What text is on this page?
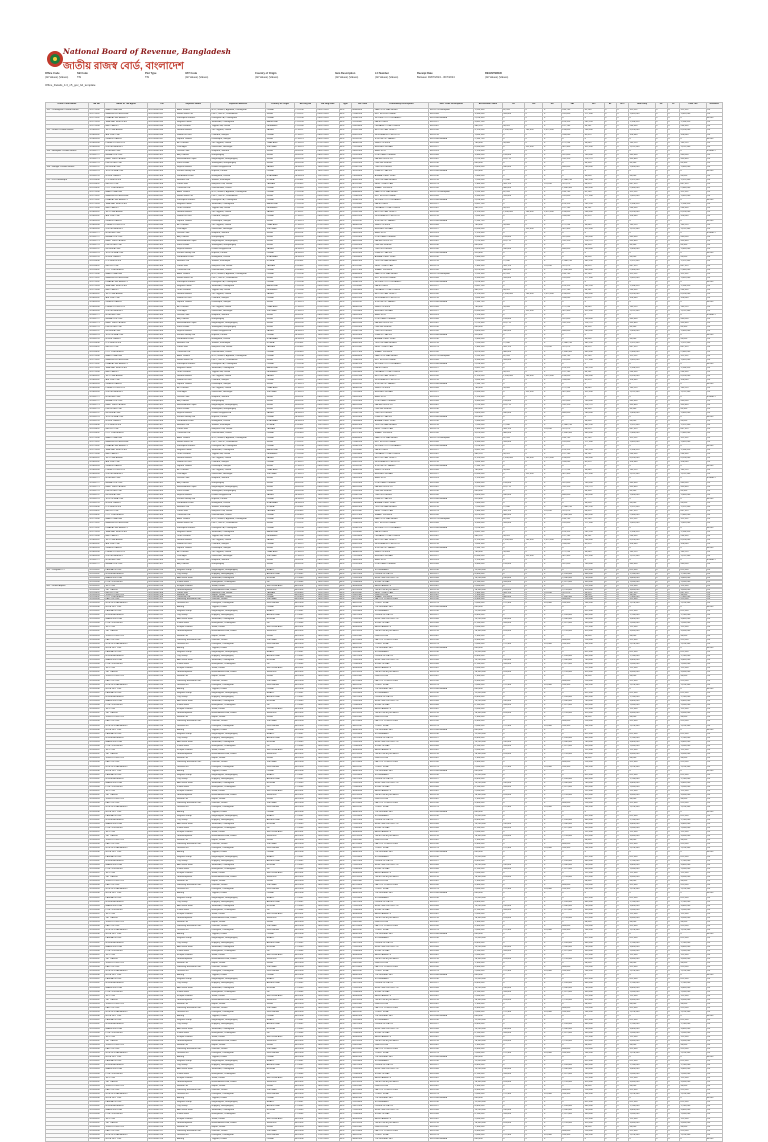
National Board of Revenue, Bangladesh
জাতীয় রাজস্ব বোর্ড, বাংলাদেশ
Office Code
(All Values) (Values)
SB Code
TIN
Plot Type
TIN
VAT Code
(All Values) (Values)
Country of Origin
(All Values) (Values)
Item Description
(All Values) (Values)
LC Number
(All Values) (Values)
Receipt Date
Between 03/07/2024 - 30/7/2024
REGISTERED
(All Values) (Values)
Office_Details_4.3_n5_gov_bd_template
Office Code-Name	SB No	Name of TIN Agent	TIN	Importer Name	Importer Address	Country of Origin	BE Reg No	BE Reg Date	Type	HS Code	Commodity Description	SRO Code Description	Assessable Value	CD	RD	SD	VAT	AIT	AT	ATV	Total Duty	DF	VF	Total Tax	Remarks
101 - Chattogram Custom House	2017/1500	BANU TRADING	001234567890	Alam Traders	H-12, Road 4, Agrabad, Chattogram	CHINA	C-41256	03/07/2024	IM 4	84869000	PARTS OF MACHINES	SRO-123 Exemption	1,245,300	62,265	0	0	186,795	62,265	0	0	311,325	0	0	311,325	OK
	2017/1501	NASRIN ENTERPRISE	001234567891	Rahim Steel Ltd	Plot 7, BSCIC, Fouzdarhat	INDIA	C-41257	03/07/2024	IM 4	72085100	HOT ROLLED SHEET	SRO-045	3,540,000	354,000	0	0	531,000	177,000	0	0	1,062,000	0	0	1,062,000	OK
	2017/1502	DHAKA LINK AGENCY	001234567892	Karnaphuli Fabrics	Kalurghat I/A, Chattogram	CHINA	C-41258	04/07/2024	IM 4	52081200	WOVEN COTTON FABRIC	SRO-098 Bonded	2,018,450	0	0	0	0	0	0	0	0	0	0	0	BOND
	2017/1503	SEA WAY SERVICES	001234567893	Meghna Foods	Sitakunda, Chattogram	MALAYSIA	C-41259	04/07/2024	IM 4	15119000	PALM OLEIN	SRO-112	5,842,100	0	0	0	876,315	292,105	0	0	1,168,420	0	0	1,168,420	OK
	2017/1504	BAY CARGO	001234567894	Orion Pharma	Tejgaon I/A, Dhaka	GERMANY	C-41260	05/07/2024	IM 4	29420000	ORGANIC COMPOUNDS	SRO-067	985,220	49,261	0	0	147,783	49,261	0	0	246,305	0	0	246,305	OK
102 - Dhaka Custom House	2018/0301	SKY LINE AGENT	001234567895	Navana Motors	205 Tejgaon, Dhaka	JAPAN	D-10211	05/07/2024	IM 4	87032390	MOTOR CAR 1500CC	SRO-200	4,120,000	1,030,000	103,000	2,472,000	618,000	206,000	0	0	4,429,000	0	0	4,429,000	OK
	2018/0302	AIR LINK CNF	001234567896	Walton Hi-Tech	Chandra, Gazipur	CHINA	D-10212	06/07/2024	IM 4	85423100	INTEGRATED CIRCUITS	SRO-155	1,640,300	0	0	0	246,045	82,015	0	0	328,060	0	0	328,060	OK
	2018/0303	GREEN CARGO	001234567897	Square Textiles	Kashimpur, Gazipur	INDIA	D-10213	06/07/2024	IM 4	55131100	SYNTHETIC FABRIC	SRO-098 Bonded	2,330,750	0	0	0	0	0	0	0	0	0	0	0	BOND
	2018/0304	PRIME LOGISTICS	001234567898	ACI Limited	245 Tejgaon, Dhaka	THAILAND	D-10214	07/07/2024	IM 4	38089190	INSECTICIDES	SRO-045	780,900	39,045	0	0	117,135	39,045	0	0	195,225	0	0	195,225	OK
	2018/0305	UNITED AGENCY	001234567899	Pran Agro	Ghorashal, Narsingdi	VIETNAM	D-10215	07/07/2024	IM 4	17019900	REFINED SUGAR	SRO-112	6,450,000	0	322,500	0	967,500	322,500	0	0	1,612,500	0	0	1,612,500	OK
103 - Benapole Custom House	2019/0771	BORDER LINK	001234567900	Jessore Jute	Noapara, Jashore	INDIA	B-55101	08/07/2024	IM 4	53031000	RAW JUTE	SRO-023	1,120,600	0	0	0	0	0	0	0	0	0	0	0	EXEMPT
	2019/0772	BENAPOLE CNF	001234567901	Akij Cement	Narayanganj	INDIA	B-55102	08/07/2024	IM 4	25232900	PORTLAND CEMENT	SRO-045	3,980,000	199,000	0	0	597,000	199,000	0	0	995,000	0	0	995,000	OK
	2019/0773	EAST WEST AGENT	001234567902	Bashundhara Paper	Meghnaghat, Narayanganj	INDIA	B-55103	09/07/2024	IM 4	48025590	PAPER IN ROLLS	SRO-067	2,215,400	110,770	0	0	332,310	110,770	0	0	553,850	0	0	553,850	OK
	2019/0774	FRONTIER CNF	001234567903	Fresh Foods	Sonargaon, Narayanganj	INDIA	B-55104	09/07/2024	IM 4	07031000	ONIONS FRESH	SRO-010	890,000	0	0	0	0	44,500	0	0	44,500	0	0	44,500	OK
104 - Mongla Custom House	2020/0122	MONGLA LINK	001234567904	Rupsha Motors	Khulna Shipyard Rd	JAPAN	M-30011	10/07/2024	IM 4	87042190	TRUCKS DIESEL	SRO-200	5,600,000	280,000	0	0	840,000	280,000	0	0	1,400,000	0	0	1,400,000	OK
	2020/0123	SOUTH SEA CNF	001234567905	Khulna Shrimp Ltd	Rupsha, Khulna	CHINA	M-30012	10/07/2024	IM 4	39232900	PLASTIC SACKS	SRO-098 Bonded	420,800	0	0	0	0	0	0	0	0	0	0	0	BOND
	2020/0124	RIVER CARGO	001234567906	Sundarban Feed	Batiaghata, Khulna	MYANMAR	M-30013	11/07/2024	IM 4	23099000	ANIMAL FEED PREP	SRO-010	1,980,000	0	0	0	0	99,000	0	0	99,000	0	0	99,000	OK
201 - ICD Kamalapur	2021/0440	ICD SERVICES	001234567907	Beximco Ltd	Sarabo, Kashimpur	KOREA	K-20441	11/07/2024	IM 4	84451900	TEXTILE MACHINERY	SRO-155	7,245,000	72,450	0	0	1,086,750	362,250	0	0	1,521,450	0	0	1,521,450	OK
	2021/0441	METRO CNF	001234567908	Partex Star	Motijheel C/A, Dhaka	TAIWAN	K-20442	12/07/2024	IM 4	40111000	NEW TYRES CAR	SRO-123	1,380,500	345,125	0	276,100	207,075	69,025	0	0	897,325	0	0	897,325	OK
	2021/0442	CITY LINK AGENT	001234567909	Transcom Ltd	Gulshan Ave, Dhaka	CHINA	K-20443	12/07/2024	IM 4	85171300	SMART PHONES	SRO-200	9,870,000	986,000	0	0	1,480,500	493,500	0	0	2,960,000	0	0	2,960,000	OK
	2017/1500	BANU TRADING	001234567890	Alam Traders	H-12, Road 4, Agrabad, Chattogram	CHINA	C-41256	03/07/2024	IM 4	84869000	PARTS OF MACHINES	SRO-123 Exemption	1,245,300	62,265	0	0	186,795	62,265	0	0	311,325	0	0	311,325	OK
	2017/1501	NASRIN ENTERPRISE	001234567891	Rahim Steel Ltd	Plot 7, BSCIC, Fouzdarhat	INDIA	C-41257	03/07/2024	IM 4	72085100	HOT ROLLED SHEET	SRO-045	3,540,000	354,000	0	0	531,000	177,000	0	0	1,062,000	0	0	1,062,000	OK
	2017/1502	DHAKA LINK AGENCY	001234567892	Karnaphuli Fabrics	Kalurghat I/A, Chattogram	CHINA	C-41258	04/07/2024	IM 4	52081200	WOVEN COTTON FABRIC	SRO-098 Bonded	2,018,450	0	0	0	0	0	0	0	0	0	0	0	BOND
	2017/1503	SEA WAY SERVICES	001234567893	Meghna Foods	Sitakunda, Chattogram	MALAYSIA	C-41259	04/07/2024	IM 4	15119000	PALM OLEIN	SRO-112	5,842,100	0	0	0	876,315	292,105	0	0	1,168,420	0	0	1,168,420	OK
	2017/1504	BAY CARGO	001234567894	Orion Pharma	Tejgaon I/A, Dhaka	GERMANY	C-41260	05/07/2024	IM 4	29420000	ORGANIC COMPOUNDS	SRO-067	985,220	49,261	0	0	147,783	49,261	0	0	246,305	0	0	246,305	OK
	2018/0301	SKY LINE AGENT	001234567895	Navana Motors	205 Tejgaon, Dhaka	JAPAN	D-10211	05/07/2024	IM 4	87032390	MOTOR CAR 1500CC	SRO-200	4,120,000	1,030,000	103,000	2,472,000	618,000	206,000	0	0	4,429,000	0	0	4,429,000	OK
	2018/0302	AIR LINK CNF	001234567896	Walton Hi-Tech	Chandra, Gazipur	CHINA	D-10212	06/07/2024	IM 4	85423100	INTEGRATED CIRCUITS	SRO-155	1,640,300	0	0	0	246,045	82,015	0	0	328,060	0	0	328,060	OK
	2018/0303	GREEN CARGO	001234567897	Square Textiles	Kashimpur, Gazipur	INDIA	D-10213	06/07/2024	IM 4	55131100	SYNTHETIC FABRIC	SRO-098 Bonded	2,330,750	0	0	0	0	0	0	0	0	0	0	0	BOND
	2018/0304	PRIME LOGISTICS	001234567898	ACI Limited	245 Tejgaon, Dhaka	THAILAND	D-10214	07/07/2024	IM 4	38089190	INSECTICIDES	SRO-045	780,900	39,045	0	0	117,135	39,045	0	0	195,225	0	0	195,225	OK
	2018/0305	UNITED AGENCY	001234567899	Pran Agro	Ghorashal, Narsingdi	VIETNAM	D-10215	07/07/2024	IM 4	17019900	REFINED SUGAR	SRO-112	6,450,000	0	322,500	0	967,500	322,500	0	0	1,612,500	0	0	1,612,500	OK
	2019/0771	BORDER LINK	001234567900	Jessore Jute	Noapara, Jashore	INDIA	B-55101	08/07/2024	IM 4	53031000	RAW JUTE	SRO-023	1,120,600	0	0	0	0	0	0	0	0	0	0	0	EXEMPT
	2019/0772	BENAPOLE CNF	001234567901	Akij Cement	Narayanganj	INDIA	B-55102	08/07/2024	IM 4	25232900	PORTLAND CEMENT	SRO-045	3,980,000	199,000	0	0	597,000	199,000	0	0	995,000	0	0	995,000	OK
	2019/0773	EAST WEST AGENT	001234567902	Bashundhara Paper	Meghnaghat, Narayanganj	INDIA	B-55103	09/07/2024	IM 4	48025590	PAPER IN ROLLS	SRO-067	2,215,400	110,770	0	0	332,310	110,770	0	0	553,850	0	0	553,850	OK
	2019/0774	FRONTIER CNF	001234567903	Fresh Foods	Sonargaon, Narayanganj	INDIA	B-55104	09/07/2024	IM 4	07031000	ONIONS FRESH	SRO-010	890,000	0	0	0	0	44,500	0	0	44,500	0	0	44,500	OK
	2020/0122	MONGLA LINK	001234567904	Rupsha Motors	Khulna Shipyard Rd	JAPAN	M-30011	10/07/2024	IM 4	87042190	TRUCKS DIESEL	SRO-200	5,600,000	280,000	0	0	840,000	280,000	0	0	1,400,000	0	0	1,400,000	OK
	2020/0123	SOUTH SEA CNF	001234567905	Khulna Shrimp Ltd	Rupsha, Khulna	CHINA	M-30012	10/07/2024	IM 4	39232900	PLASTIC SACKS	SRO-098 Bonded	420,800	0	0	0	0	0	0	0	0	0	0	0	BOND
	2020/0124	RIVER CARGO	001234567906	Sundarban Feed	Batiaghata, Khulna	MYANMAR	M-30013	11/07/2024	IM 4	23099000	ANIMAL FEED PREP	SRO-010	1,980,000	0	0	0	0	99,000	0	0	99,000	0	0	99,000	OK
	2021/0440	ICD SERVICES	001234567907	Beximco Ltd	Sarabo, Kashimpur	KOREA	K-20441	11/07/2024	IM 4	84451900	TEXTILE MACHINERY	SRO-155	7,245,000	72,450	0	0	1,086,750	362,250	0	0	1,521,450	0	0	1,521,450	OK
	2021/0441	METRO CNF	001234567908	Partex Star	Motijheel C/A, Dhaka	TAIWAN	K-20442	12/07/2024	IM 4	40111000	NEW TYRES CAR	SRO-123	1,380,500	345,125	0	276,100	207,075	69,025	0	0	897,325	0	0	897,325	OK
	2021/0442	CITY LINK AGENT	001234567909	Transcom Ltd	Gulshan Ave, Dhaka	CHINA	K-20443	12/07/2024	IM 4	85171300	SMART PHONES	SRO-200	9,870,000	986,000	0	0	1,480,500	493,500	0	0	2,960,000	0	0	2,960,000	OK
	2017/1500	BANU TRADING	001234567890	Alam Traders	H-12, Road 4, Agrabad, Chattogram	CHINA	C-41256	03/07/2024	IM 4	84869000	PARTS OF MACHINES	SRO-123 Exemption	1,245,300	62,265	0	0	186,795	62,265	0	0	311,325	0	0	311,325	OK
	2017/1501	NASRIN ENTERPRISE	001234567891	Rahim Steel Ltd	Plot 7, BSCIC, Fouzdarhat	INDIA	C-41257	03/07/2024	IM 4	72085100	HOT ROLLED SHEET	SRO-045	3,540,000	354,000	0	0	531,000	177,000	0	0	1,062,000	0	0	1,062,000	OK
	2017/1502	DHAKA LINK AGENCY	001234567892	Karnaphuli Fabrics	Kalurghat I/A, Chattogram	CHINA	C-41258	04/07/2024	IM 4	52081200	WOVEN COTTON FABRIC	SRO-098 Bonded	2,018,450	0	0	0	0	0	0	0	0	0	0	0	BOND
	2017/1503	SEA WAY SERVICES	001234567893	Meghna Foods	Sitakunda, Chattogram	MALAYSIA	C-41259	04/07/2024	IM 4	15119000	PALM OLEIN	SRO-112	5,842,100	0	0	0	876,315	292,105	0	0	1,168,420	0	0	1,168,420	OK
	2017/1504	BAY CARGO	001234567894	Orion Pharma	Tejgaon I/A, Dhaka	GERMANY	C-41260	05/07/2024	IM 4	29420000	ORGANIC COMPOUNDS	SRO-067	985,220	49,261	0	0	147,783	49,261	0	0	246,305	0	0	246,305	OK
	2018/0301	SKY LINE AGENT	001234567895	Navana Motors	205 Tejgaon, Dhaka	JAPAN	D-10211	05/07/2024	IM 4	87032390	MOTOR CAR 1500CC	SRO-200	4,120,000	1,030,000	103,000	2,472,000	618,000	206,000	0	0	4,429,000	0	0	4,429,000	OK
	2018/0302	AIR LINK CNF	001234567896	Walton Hi-Tech	Chandra, Gazipur	CHINA	D-10212	06/07/2024	IM 4	85423100	INTEGRATED CIRCUITS	SRO-155	1,640,300	0	0	0	246,045	82,015	0	0	328,060	0	0	328,060	OK
	2018/0303	GREEN CARGO	001234567897	Square Textiles	Kashimpur, Gazipur	INDIA	D-10213	06/07/2024	IM 4	55131100	SYNTHETIC FABRIC	SRO-098 Bonded	2,330,750	0	0	0	0	0	0	0	0	0	0	0	BOND
	2018/0304	PRIME LOGISTICS	001234567898	ACI Limited	245 Tejgaon, Dhaka	THAILAND	D-10214	07/07/2024	IM 4	38089190	INSECTICIDES	SRO-045	780,900	39,045	0	0	117,135	39,045	0	0	195,225	0	0	195,225	OK
	2018/0305	UNITED AGENCY	001234567899	Pran Agro	Ghorashal, Narsingdi	VIETNAM	D-10215	07/07/2024	IM 4	17019900	REFINED SUGAR	SRO-112	6,450,000	0	322,500	0	967,500	322,500	0	0	1,612,500	0	0	1,612,500	OK
	2019/0771	BORDER LINK	001234567900	Jessore Jute	Noapara, Jashore	INDIA	B-55101	08/07/2024	IM 4	53031000	RAW JUTE	SRO-023	1,120,600	0	0	0	0	0	0	0	0	0	0	0	EXEMPT
	2019/0772	BENAPOLE CNF	001234567901	Akij Cement	Narayanganj	INDIA	B-55102	08/07/2024	IM 4	25232900	PORTLAND CEMENT	SRO-045	3,980,000	199,000	0	0	597,000	199,000	0	0	995,000	0	0	995,000	OK
	2019/0773	EAST WEST AGENT	001234567902	Bashundhara Paper	Meghnaghat, Narayanganj	INDIA	B-55103	09/07/2024	IM 4	48025590	PAPER IN ROLLS	SRO-067	2,215,400	110,770	0	0	332,310	110,770	0	0	553,850	0	0	553,850	OK
	2019/0774	FRONTIER CNF	001234567903	Fresh Foods	Sonargaon, Narayanganj	INDIA	B-55104	09/07/2024	IM 4	07031000	ONIONS FRESH	SRO-010	890,000	0	0	0	0	44,500	0	0	44,500	0	0	44,500	OK
	2020/0122	MONGLA LINK	001234567904	Rupsha Motors	Khulna Shipyard Rd	JAPAN	M-30011	10/07/2024	IM 4	87042190	TRUCKS DIESEL	SRO-200	5,600,000	280,000	0	0	840,000	280,000	0	0	1,400,000	0	0	1,400,000	OK
	2020/0123	SOUTH SEA CNF	001234567905	Khulna Shrimp Ltd	Rupsha, Khulna	CHINA	M-30012	10/07/2024	IM 4	39232900	PLASTIC SACKS	SRO-098 Bonded	420,800	0	0	0	0	0	0	0	0	0	0	0	BOND
	2020/0124	RIVER CARGO	001234567906	Sundarban Feed	Batiaghata, Khulna	MYANMAR	M-30013	11/07/2024	IM 4	23099000	ANIMAL FEED PREP	SRO-010	1,980,000	0	0	0	0	99,000	0	0	99,000	0	0	99,000	OK
	2021/0440	ICD SERVICES	001234567907	Beximco Ltd	Sarabo, Kashimpur	KOREA	K-20441	11/07/2024	IM 4	84451900	TEXTILE MACHINERY	SRO-155	7,245,000	72,450	0	0	1,086,750	362,250	0	0	1,521,450	0	0	1,521,450	OK
	2021/0441	METRO CNF	001234567908	Partex Star	Motijheel C/A, Dhaka	TAIWAN	K-20442	12/07/2024	IM 4	40111000	NEW TYRES CAR	SRO-123	1,380,500	345,125	0	276,100	207,075	69,025	0	0	897,325	0	0	897,325	OK
	2021/0442	CITY LINK AGENT	001234567909	Transcom Ltd	Gulshan Ave, Dhaka	CHINA	K-20443	12/07/2024	IM 4	85171300	SMART PHONES	SRO-200	9,870,000	986,000	0	0	1,480,500	493,500	0	0	2,960,000	0	0	2,960,000	OK
	2017/1500	BANU TRADING	001234567890	Alam Traders	H-12, Road 4, Agrabad, Chattogram	CHINA	C-41256	03/07/2024	IM 4	84869000	PARTS OF MACHINES	SRO-123 Exemption	1,245,300	62,265	0	0	186,795	62,265	0	0	311,325	0	0	311,325	OK
	2017/1501	NASRIN ENTERPRISE	001234567891	Rahim Steel Ltd	Plot 7, BSCIC, Fouzdarhat	INDIA	C-41257	03/07/2024	IM 4	72085100	HOT ROLLED SHEET	SRO-045	3,540,000	354,000	0	0	531,000	177,000	0	0	1,062,000	0	0	1,062,000	OK
	2017/1502	DHAKA LINK AGENCY	001234567892	Karnaphuli Fabrics	Kalurghat I/A, Chattogram	CHINA	C-41258	04/07/2024	IM 4	52081200	WOVEN COTTON FABRIC	SRO-098 Bonded	2,018,450	0	0	0	0	0	0	0	0	0	0	0	BOND
	2017/1503	SEA WAY SERVICES	001234567893	Meghna Foods	Sitakunda, Chattogram	MALAYSIA	C-41259	04/07/2024	IM 4	15119000	PALM OLEIN	SRO-112	5,842,100	0	0	0	876,315	292,105	0	0	1,168,420	0	0	1,168,420	OK
	2017/1504	BAY CARGO	001234567894	Orion Pharma	Tejgaon I/A, Dhaka	GERMANY	C-41260	05/07/2024	IM 4	29420000	ORGANIC COMPOUNDS	SRO-067	985,220	49,261	0	0	147,783	49,261	0	0	246,305	0	0	246,305	OK
	2018/0301	SKY LINE AGENT	001234567895	Navana Motors	205 Tejgaon, Dhaka	JAPAN	D-10211	05/07/2024	IM 4	87032390	MOTOR CAR 1500CC	SRO-200	4,120,000	1,030,000	103,000	2,472,000	618,000	206,000	0	0	4,429,000	0	0	4,429,000	OK
	2018/0302	AIR LINK CNF	001234567896	Walton Hi-Tech	Chandra, Gazipur	CHINA	D-10212	06/07/2024	IM 4	85423100	INTEGRATED CIRCUITS	SRO-155	1,640,300	0	0	0	246,045	82,015	0	0	328,060	0	0	328,060	OK
	2018/0303	GREEN CARGO	001234567897	Square Textiles	Kashimpur, Gazipur	INDIA	D-10213	06/07/2024	IM 4	55131100	SYNTHETIC FABRIC	SRO-098 Bonded	2,330,750	0	0	0	0	0	0	0	0	0	0	0	BOND
	2018/0304	PRIME LOGISTICS	001234567898	ACI Limited	245 Tejgaon, Dhaka	THAILAND	D-10214	07/07/2024	IM 4	38089190	INSECTICIDES	SRO-045	780,900	39,045	0	0	117,135	39,045	0	0	195,225	0	0	195,225	OK
	2018/0305	UNITED AGENCY	001234567899	Pran Agro	Ghorashal, Narsingdi	VIETNAM	D-10215	07/07/2024	IM 4	17019900	REFINED SUGAR	SRO-112	6,450,000	0	322,500	0	967,500	322,500	0	0	1,612,500	0	0	1,612,500	OK
	2019/0771	BORDER LINK	001234567900	Jessore Jute	Noapara, Jashore	INDIA	B-55101	08/07/2024	IM 4	53031000	RAW JUTE	SRO-023	1,120,600	0	0	0	0	0	0	0	0	0	0	0	EXEMPT
	2019/0772	BENAPOLE CNF	001234567901	Akij Cement	Narayanganj	INDIA	B-55102	08/07/2024	IM 4	25232900	PORTLAND CEMENT	SRO-045	3,980,000	199,000	0	0	597,000	199,000	0	0	995,000	0	0	995,000	OK
	2019/0773	EAST WEST AGENT	001234567902	Bashundhara Paper	Meghnaghat, Narayanganj	INDIA	B-55103	09/07/2024	IM 4	48025590	PAPER IN ROLLS	SRO-067	2,215,400	110,770	0	0	332,310	110,770	0	0	553,850	0	0	553,850	OK
	2019/0774	FRONTIER CNF	001234567903	Fresh Foods	Sonargaon, Narayanganj	INDIA	B-55104	09/07/2024	IM 4	07031000	ONIONS FRESH	SRO-010	890,000	0	0	0	0	44,500	0	0	44,500	0	0	44,500	OK
	2020/0122	MONGLA LINK	001234567904	Rupsha Motors	Khulna Shipyard Rd	JAPAN	M-30011	10/07/2024	IM 4	87042190	TRUCKS DIESEL	SRO-200	5,600,000	280,000	0	0	840,000	280,000	0	0	1,400,000	0	0	1,400,000	OK
	2020/0123	SOUTH SEA CNF	001234567905	Khulna Shrimp Ltd	Rupsha, Khulna	CHINA	M-30012	10/07/2024	IM 4	39232900	PLASTIC SACKS	SRO-098 Bonded	420,800	0	0	0	0	0	0	0	0	0	0	0	BOND
	2020/0124	RIVER CARGO	001234567906	Sundarban Feed	Batiaghata, Khulna	MYANMAR	M-30013	11/07/2024	IM 4	23099000	ANIMAL FEED PREP	SRO-010	1,980,000	0	0	0	0	99,000	0	0	99,000	0	0	99,000	OK
	2021/0440	ICD SERVICES	001234567907	Beximco Ltd	Sarabo, Kashimpur	KOREA	K-20441	11/07/2024	IM 4	84451900	TEXTILE MACHINERY	SRO-155	7,245,000	72,450	0	0	1,086,750	362,250	0	0	1,521,450	0	0	1,521,450	OK
	2021/0441	METRO CNF	001234567908	Partex Star	Motijheel C/A, Dhaka	TAIWAN	K-20442	12/07/2024	IM 4	40111000	NEW TYRES CAR	SRO-123	1,380,500	345,125	0	276,100	207,075	69,025	0	0	897,325	0	0	897,325	OK
	2021/0442	CITY LINK AGENT	001234567909	Transcom Ltd	Gulshan Ave, Dhaka	CHINA	K-20443	12/07/2024	IM 4	85171300	SMART PHONES	SRO-200	9,870,000	986,000	0	0	1,480,500	493,500	0	0	2,960,000	0	0	2,960,000	OK
	2017/1500	BANU TRADING	001234567890	Alam Traders	H-12, Road 4, Agrabad, Chattogram	CHINA	C-41256	03/07/2024	IM 4	84869000	PARTS OF MACHINES	SRO-123 Exemption	1,245,300	62,265	0	0	186,795	62,265	0	0	311,325	0	0	311,325	OK
	2017/1501	NASRIN ENTERPRISE	001234567891	Rahim Steel Ltd	Plot 7, BSCIC, Fouzdarhat	INDIA	C-41257	03/07/2024	IM 4	72085100	HOT ROLLED SHEET	SRO-045	3,540,000	354,000	0	0	531,000	177,000	0	0	1,062,000	0	0	1,062,000	OK
	2017/1502	DHAKA LINK AGENCY	001234567892	Karnaphuli Fabrics	Kalurghat I/A, Chattogram	CHINA	C-41258	04/07/2024	IM 4	52081200	WOVEN COTTON FABRIC	SRO-098 Bonded	2,018,450	0	0	0	0	0	0	0	0	0	0	0	BOND
	2017/1503	SEA WAY SERVICES	001234567893	Meghna Foods	Sitakunda, Chattogram	MALAYSIA	C-41259	04/07/2024	IM 4	15119000	PALM OLEIN	SRO-112	5,842,100	0	0	0	876,315	292,105	0	0	1,168,420	0	0	1,168,420	OK
	2017/1504	BAY CARGO	001234567894	Orion Pharma	Tejgaon I/A, Dhaka	GERMANY	C-41260	05/07/2024	IM 4	29420000	ORGANIC COMPOUNDS	SRO-067	985,220	49,261	0	0	147,783	49,261	0	0	246,305	0	0	246,305	OK
	2018/0301	SKY LINE AGENT	001234567895	Navana Motors	205 Tejgaon, Dhaka	JAPAN	D-10211	05/07/2024	IM 4	87032390	MOTOR CAR 1500CC	SRO-200	4,120,000	1,030,000	103,000	2,472,000	618,000	206,000	0	0	4,429,000	0	0	4,429,000	OK
	2018/0302	AIR LINK CNF	001234567896	Walton Hi-Tech	Chandra, Gazipur	CHINA	D-10212	06/07/2024	IM 4	85423100	INTEGRATED CIRCUITS	SRO-155	1,640,300	0	0	0	246,045	82,015	0	0	328,060	0	0	328,060	OK
	2018/0303	GREEN CARGO	001234567897	Square Textiles	Kashimpur, Gazipur	INDIA	D-10213	06/07/2024	IM 4	55131100	SYNTHETIC FABRIC	SRO-098 Bonded	2,330,750	0	0	0	0	0	0	0	0	0	0	0	BOND
	2018/0304	PRIME LOGISTICS	001234567898	ACI Limited	245 Tejgaon, Dhaka	THAILAND	D-10214	07/07/2024	IM 4	38089190	INSECTICIDES	SRO-045	780,900	39,045	0	0	117,135	39,045	0	0	195,225	0	0	195,225	OK
	2018/0305	UNITED AGENCY	001234567899	Pran Agro	Ghorashal, Narsingdi	VIETNAM	D-10215	07/07/2024	IM 4	17019900	REFINED SUGAR	SRO-112	6,450,000	0	322,500	0	967,500	322,500	0	0	1,612,500	0	0	1,612,500	OK
	2019/0771	BORDER LINK	001234567900	Jessore Jute	Noapara, Jashore	INDIA	B-55101	08/07/2024	IM 4	53031000	RAW JUTE	SRO-023	1,120,600	0	0	0	0	0	0	0	0	0	0	0	EXEMPT
	2019/0772	BENAPOLE CNF	001234567901	Akij Cement	Narayanganj	INDIA	B-55102	08/07/2024	IM 4	25232900	PORTLAND CEMENT	SRO-045	3,980,000	199,000	0	0	597,000	199,000	0	0	995,000	0	0	995,000	OK
	2019/0773	EAST WEST AGENT	001234567902	Bashundhara Paper	Meghnaghat, Narayanganj	INDIA	B-55103	09/07/2024	IM 4	48025590	PAPER IN ROLLS	SRO-067	2,215,400	110,770	0	0	332,310	110,770	0	0	553,850	0	0	553,850	OK
	2019/0774	FRONTIER CNF	001234567903	Fresh Foods	Sonargaon, Narayanganj	INDIA	B-55104	09/07/2024	IM 4	07031000	ONIONS FRESH	SRO-010	890,000	0	0	0	0	44,500	0	0	44,500	0	0	44,500	OK
	2020/0122	MONGLA LINK	001234567904	Rupsha Motors	Khulna Shipyard Rd	JAPAN	M-30011	10/07/2024	IM 4	87042190	TRUCKS DIESEL	SRO-200	5,600,000	280,000	0	0	840,000	280,000	0	0	1,400,000	0	0	1,400,000	OK
	2020/0123	SOUTH SEA CNF	001234567905	Khulna Shrimp Ltd	Rupsha, Khulna	CHINA	M-30012	10/07/2024	IM 4	39232900	PLASTIC SACKS	SRO-098 Bonded	420,800	0	0	0	0	0	0	0	0	0	0	0	BOND
	2020/0124	RIVER CARGO	001234567906	Sundarban Feed	Batiaghata, Khulna	MYANMAR	M-30013	11/07/2024	IM 4	23099000	ANIMAL FEED PREP	SRO-010	1,980,000	0	0	0	0	99,000	0	0	99,000	0	0	99,000	OK
	2021/0440	ICD SERVICES	001234567907	Beximco Ltd	Sarabo, Kashimpur	KOREA	K-20441	11/07/2024	IM 4	84451900	TEXTILE MACHINERY	SRO-155	7,245,000	72,450	0	0	1,086,750	362,250	0	0	1,521,450	0	0	1,521,450	OK
	2021/0441	METRO CNF	001234567908	Partex Star	Motijheel C/A, Dhaka	TAIWAN	K-20442	12/07/2024	IM 4	40111000	NEW TYRES CAR	SRO-123	1,380,500	345,125	0	276,100	207,075	69,025	0	0	897,325	0	0	897,325	OK
	2021/0442	CITY LINK AGENT	001234567909	Transcom Ltd	Gulshan Ave, Dhaka	CHINA	K-20443	12/07/2024	IM 4	85171300	SMART PHONES	SRO-200	9,870,000	986,000	0	0	1,480,500	493,500	0	0	2,960,000	0	0	2,960,000	OK
	2017/1500	BANU TRADING	001234567890	Alam Traders	H-12, Road 4, Agrabad, Chattogram	CHINA	C-41256	03/07/2024	IM 4	84869000	PARTS OF MACHINES	SRO-123 Exemption	1,245,300	62,265	0	0	186,795	62,265	0	0	311,325	0	0	311,325	OK
	2017/1501	NASRIN ENTERPRISE	001234567891	Rahim Steel Ltd	Plot 7, BSCIC, Fouzdarhat	INDIA	C-41257	03/07/2024	IM 4	72085100	HOT ROLLED SHEET	SRO-045	3,540,000	354,000	0	0	531,000	177,000	0	0	1,062,000	0	0	1,062,000	OK
	2017/1502	DHAKA LINK AGENCY	001234567892	Karnaphuli Fabrics	Kalurghat I/A, Chattogram	CHINA	C-41258	04/07/2024	IM 4	52081200	WOVEN COTTON FABRIC	SRO-098 Bonded	2,018,450	0	0	0	0	0	0	0	0	0	0	0	BOND
	2017/1503	SEA WAY SERVICES	001234567893	Meghna Foods	Sitakunda, Chattogram	MALAYSIA	C-41259	04/07/2024	IM 4	15119000	PALM OLEIN	SRO-112	5,842,100	0	0	0	876,315	292,105	0	0	1,168,420	0	0	1,168,420	OK
	2017/1504	BAY CARGO	001234567894	Orion Pharma	Tejgaon I/A, Dhaka	GERMANY	C-41260	05/07/2024	IM 4	29420000	ORGANIC COMPOUNDS	SRO-067	985,220	49,261	0	0	147,783	49,261	0	0	246,305	0	0	246,305	OK
	2018/0301	SKY LINE AGENT	001234567895	Navana Motors	205 Tejgaon, Dhaka	JAPAN	D-10211	05/07/2024	IM 4	87032390	MOTOR CAR 1500CC	SRO-200	4,120,000	1,030,000	103,000	2,472,000	618,000	206,000	0	0	4,429,000	0	0	4,429,000	OK
	2018/0302	AIR LINK CNF	001234567896	Walton Hi-Tech	Chandra, Gazipur	CHINA	D-10212	06/07/2024	IM 4	85423100	INTEGRATED CIRCUITS	SRO-155	1,640,300	0	0	0	246,045	82,015	0	0	328,060	0	0	328,060	OK
	2018/0303	GREEN CARGO	001234567897	Square Textiles	Kashimpur, Gazipur	INDIA	D-10213	06/07/2024	IM 4	55131100	SYNTHETIC FABRIC	SRO-098 Bonded	2,330,750	0	0	0	0	0	0	0	0	0	0	0	BOND
	2018/0304	PRIME LOGISTICS	001234567898	ACI Limited	245 Tejgaon, Dhaka	THAILAND	D-10214	07/07/2024	IM 4	38089190	INSECTICIDES	SRO-045	780,900	39,045	0	0	117,135	39,045	0	0	195,225	0	0	195,225	OK
	2018/0305	UNITED AGENCY	001234567899	Pran Agro	Ghorashal, Narsingdi	VIETNAM	D-10215	07/07/2024	IM 4	17019900	REFINED SUGAR	SRO-112	6,450,000	0	322,500	0	967,500	322,500	0	0	1,612,500	0	0	1,612,500	OK
	2019/0771	BORDER LINK	001234567900	Jessore Jute	Noapara, Jashore	INDIA	B-55101	08/07/2024	IM 4	53031000	RAW JUTE	SRO-023	1,120,600	0	0	0	0	0	0	0	0	0	0	0	EXEMPT
	2019/0772	BENAPOLE CNF	001234567901	Akij Cement	Narayanganj	INDIA	B-55102	08/07/2024	IM 4	25232900	PORTLAND CEMENT	SRO-045	3,980,000	199,000	0	0	597,000	199,000	0	0	995,000	0	0	995,000	OK
	2019/0773	EAST WEST AGENT	001234567902	Bashundhara Paper	Meghnaghat, Narayanganj	INDIA	B-55103	09/07/2024	IM 4	48025590	PAPER IN ROLLS	SRO-067	2,215,400	110,770	0	0	332,310	110,770	0	0	553,850	0	0	553,850	OK
	2019/0774	FRONTIER CNF	001234567903	Fresh Foods	Sonargaon, Narayanganj	INDIA	B-55104	09/07/2024	IM 4	07031000	ONIONS FRESH	SRO-010	890,000	0	0	0	0	44,500	0	0	44,500	0	0	44,500	OK
	2020/0122	MONGLA LINK	001234567904	Rupsha Motors	Khulna Shipyard Rd	JAPAN	M-30011	10/07/2024	IM 4	87042190	TRUCKS DIESEL	SRO-200	5,600,000	280,000	0	0	840,000	280,000	0	0	1,400,000	0	0	1,400,000	OK
	2020/0123	SOUTH SEA CNF	001234567905	Khulna Shrimp Ltd	Rupsha, Khulna	CHINA	M-30012	10/07/2024	IM 4	39232900	PLASTIC SACKS	SRO-098 Bonded	420,800	0	0	0	0	0	0	0	0	0	0	0	BOND
	2020/0124	RIVER CARGO	001234567906	Sundarban Feed	Batiaghata, Khulna	MYANMAR	M-30013	11/07/2024	IM 4	23099000	ANIMAL FEED PREP	SRO-010	1,980,000	0	0	0	0	99,000	0	0	99,000	0	0	99,000	OK
	2021/0440	ICD SERVICES	001234567907	Beximco Ltd	Sarabo, Kashimpur	KOREA	K-20441	11/07/2024	IM 4	84451900	TEXTILE MACHINERY	SRO-155	7,245,000	72,450	0	0	1,086,750	362,250	0	0	1,521,450	0	0	1,521,450	OK
	2021/0441	METRO CNF	001234567908	Partex Star	Motijheel C/A, Dhaka	TAIWAN	K-20442	12/07/2024	IM 4	40111000	NEW TYRES CAR	SRO-123	1,380,500	345,125	0	276,100	207,075	69,025	0	0	897,325	0	0	897,325	OK
	2021/0442	CITY LINK AGENT	001234567909	Transcom Ltd	Gulshan Ave, Dhaka	CHINA	K-20443	12/07/2024	IM 4	85171300	SMART PHONES	SRO-200	9,870,000	986,000	0	0	1,480,500	493,500	0	0	2,960,000	0	0	2,960,000	OK
301 - Pangaon ICT	2022/0091	PANGAON CNF	001234567910	Meghna Group	Meghnaghat, Narayanganj	BRAZIL	P-11091	13/07/2024	IM 4	12019000	SOYA BEANS	SRO-010	12,450,000	0	0	0	0	622,500	0	0	622,500	0	0	622,500	OK
	2022/0092	RIVERINE AGENT	001234567911	City Group	Rupganj, Narayanganj	ARGENTINA	P-11092	13/07/2024	IM 4	15071000	CRUDE SOYA OIL	SRO-112	8,900,000	0	0	0	1,335,000	445,000	0	0	1,780,000	0	0	1,780,000	OK
	2022/0093	HARBOUR LINE	001234567912	Abul Khair Steel	Sitakunda, Chattogram	RUSSIA	P-11093	14/07/2024	IM 4	72031000	IRON ORE PRODUCTS	SRO-045	15,200,000	760,000	0	0	2,280,000	760,000	0	0	3,800,000	0	0	3,800,000	OK
	2022/0094	PORT EXPRESS	001234567913	KSRM Steel	Baroiyarhat, Chattogram	UK	P-11094	14/07/2024	IM 4	72044900	STEEL SCRAP	SRO-045	6,780,000	339,000	0	0	1,017,000	339,000	0	0	1,695,000	0	0	1,695,000	OK
401 - Dhaka Airport	2023/0501	SKY CNF	001234567914	Incepta Pharma	Savar, Dhaka	SWITZERLAND	A-70501	15/07/2024	IM 4	30049099	MEDICAMENTS	SRO-067	2,450,000	0	0	0	0	122,500	0	0	122,500	0	0	122,500	OK
	2023/0502	JET CARGO	001234567915	Grameenphone	Bashundhara R/A, Dhaka	SWEDEN	A-70502	15/07/2024	IM 4	85176200	TELECOM EQUIPMENT	SRO-155	18,300,000	183,000	0	0	2,745,000	915,000	0	0	3,843,000	0	0	3,843,000	OK
	2023/0503	WING LOGISTICS	001234567916	Renata Ltd	Mirpur, Dhaka	INDIA	A-70503	16/07/2024	IM 4	29411000	PENICILLINS	SRO-067	1,160,000	0	0	0	0	58,000	0	0	58,000	0	0	58,000	OK
	2023/0504	FALCON CNF	001234567917	Samsung Electronics BD	Gulshan, Dhaka	VIETNAM	A-70504	16/07/2024	IM 4	84713000	LAPTOP COMPUTERS	SRO-200	4,560,000	0	0	0	684,000	228,000	0	0	912,000	0	0	912,000	OK
	2023/0505	NORTH STAR AGENT	001234567918	Unilever BD	Kalurghat, Chattogram	INDONESIA	A-70505	17/07/2024	IM 4	34011100	TOILET SOAP	SRO-123	2,890,000	722,500	0	578,000	433,500	144,500	0	0	1,878,500	0	0	1,878,500	OK
	2023/0506	BLUE SKY CNF	001234567919	Aarong	Tejgaon, Dhaka	CHINA	A-70506	17/07/2024	IM 4	58041000	TULLES AND NET	SRO-098 Bonded	640,000	0	0	0	0	0	0	0	0	0	0	0	BOND
	2022/0091	PANGAON CNF	001234567910	Meghna Group	Meghnaghat, Narayanganj	BRAZIL	P-11091	13/07/2024	IM 4	12019000	SOYA BEANS	SRO-010	12,450,000	0	0	0	0	622,500	0	0	622,500	0	0	622,500	OK
	2022/0092	RIVERINE AGENT	001234567911	City Group	Rupganj, Narayanganj	ARGENTINA	P-11092	13/07/2024	IM 4	15071000	CRUDE SOYA OIL	SRO-112	8,900,000	0	0	0	1,335,000	445,000	0	0	1,780,000	0	0	1,780,000	OK
	2022/0093	HARBOUR LINE	001234567912	Abul Khair Steel	Sitakunda, Chattogram	RUSSIA	P-11093	14/07/2024	IM 4	72031000	IRON ORE PRODUCTS	SRO-045	15,200,000	760,000	0	0	2,280,000	760,000	0	0	3,800,000	0	0	3,800,000	OK
	2022/0094	PORT EXPRESS	001234567913	KSRM Steel	Baroiyarhat, Chattogram	UK	P-11094	14/07/2024	IM 4	72044900	STEEL SCRAP	SRO-045	6,780,000	339,000	0	0	1,017,000	339,000	0	0	1,695,000	0	0	1,695,000	OK
	2023/0501	SKY CNF	001234567914	Incepta Pharma	Savar, Dhaka	SWITZERLAND	A-70501	15/07/2024	IM 4	30049099	MEDICAMENTS	SRO-067	2,450,000	0	0	0	0	122,500	0	0	122,500	0	0	122,500	OK
	2023/0502	JET CARGO	001234567915	Grameenphone	Bashundhara R/A, Dhaka	SWEDEN	A-70502	15/07/2024	IM 4	85176200	TELECOM EQUIPMENT	SRO-155	18,300,000	183,000	0	0	2,745,000	915,000	0	0	3,843,000	0	0	3,843,000	OK
	2023/0503	WING LOGISTICS	001234567916	Renata Ltd	Mirpur, Dhaka	INDIA	A-70503	16/07/2024	IM 4	29411000	PENICILLINS	SRO-067	1,160,000	0	0	0	0	58,000	0	0	58,000	0	0	58,000	OK
	2023/0504	FALCON CNF	001234567917	Samsung Electronics BD	Gulshan, Dhaka	VIETNAM	A-70504	16/07/2024	IM 4	84713000	LAPTOP COMPUTERS	SRO-200	4,560,000	0	0	0	684,000	228,000	0	0	912,000	0	0	912,000	OK
	2023/0505	NORTH STAR AGENT	001234567918	Unilever BD	Kalurghat, Chattogram	INDONESIA	A-70505	17/07/2024	IM 4	34011100	TOILET SOAP	SRO-123	2,890,000	722,500	0	578,000	433,500	144,500	0	0	1,878,500	0	0	1,878,500	OK
	2023/0506	BLUE SKY CNF	001234567919	Aarong	Tejgaon, Dhaka	CHINA	A-70506	17/07/2024	IM 4	58041000	TULLES AND NET	SRO-098 Bonded	640,000	0	0	0	0	0	0	0	0	0	0	0	BOND
	2022/0091	PANGAON CNF	001234567910	Meghna Group	Meghnaghat, Narayanganj	BRAZIL	P-11091	13/07/2024	IM 4	12019000	SOYA BEANS	SRO-010	12,450,000	0	0	0	0	622,500	0	0	622,500	0	0	622,500	OK
	2022/0092	RIVERINE AGENT	001234567911	City Group	Rupganj, Narayanganj	ARGENTINA	P-11092	13/07/2024	IM 4	15071000	CRUDE SOYA OIL	SRO-112	8,900,000	0	0	0	1,335,000	445,000	0	0	1,780,000	0	0	1,780,000	OK
	2022/0093	HARBOUR LINE	001234567912	Abul Khair Steel	Sitakunda, Chattogram	RUSSIA	P-11093	14/07/2024	IM 4	72031000	IRON ORE PRODUCTS	SRO-045	15,200,000	760,000	0	0	2,280,000	760,000	0	0	3,800,000	0	0	3,800,000	OK
	2022/0094	PORT EXPRESS	001234567913	KSRM Steel	Baroiyarhat, Chattogram	UK	P-11094	14/07/2024	IM 4	72044900	STEEL SCRAP	SRO-045	6,780,000	339,000	0	0	1,017,000	339,000	0	0	1,695,000	0	0	1,695,000	OK
	2023/0501	SKY CNF	001234567914	Incepta Pharma	Savar, Dhaka	SWITZERLAND	A-70501	15/07/2024	IM 4	30049099	MEDICAMENTS	SRO-067	2,450,000	0	0	0	0	122,500	0	0	122,500	0	0	122,500	OK
	2023/0502	JET CARGO	001234567915	Grameenphone	Bashundhara R/A, Dhaka	SWEDEN	A-70502	15/07/2024	IM 4	85176200	TELECOM EQUIPMENT	SRO-155	18,300,000	183,000	0	0	2,745,000	915,000	0	0	3,843,000	0	0	3,843,000	OK
	2023/0503	WING LOGISTICS	001234567916	Renata Ltd	Mirpur, Dhaka	INDIA	A-70503	16/07/2024	IM 4	29411000	PENICILLINS	SRO-067	1,160,000	0	0	0	0	58,000	0	0	58,000	0	0	58,000	OK
	2023/0504	FALCON CNF	001234567917	Samsung Electronics BD	Gulshan, Dhaka	VIETNAM	A-70504	16/07/2024	IM 4	84713000	LAPTOP COMPUTERS	SRO-200	4,560,000	0	0	0	684,000	228,000	0	0	912,000	0	0	912,000	OK
	2023/0505	NORTH STAR AGENT	001234567918	Unilever BD	Kalurghat, Chattogram	INDONESIA	A-70505	17/07/2024	IM 4	34011100	TOILET SOAP	SRO-123	2,890,000	722,500	0	578,000	433,500	144,500	0	0	1,878,500	0	0	1,878,500	OK
	2023/0506	BLUE SKY CNF	001234567919	Aarong	Tejgaon, Dhaka	CHINA	A-70506	17/07/2024	IM 4	58041000	TULLES AND NET	SRO-098 Bonded	640,000	0	0	0	0	0	0	0	0	0	0	0	BOND
	2022/0091	PANGAON CNF	001234567910	Meghna Group	Meghnaghat, Narayanganj	BRAZIL	P-11091	13/07/2024	IM 4	12019000	SOYA BEANS	SRO-010	12,450,000	0	0	0	0	622,500	0	0	622,500	0	0	622,500	OK
	2022/0092	RIVERINE AGENT	001234567911	City Group	Rupganj, Narayanganj	ARGENTINA	P-11092	13/07/2024	IM 4	15071000	CRUDE SOYA OIL	SRO-112	8,900,000	0	0	0	1,335,000	445,000	0	0	1,780,000	0	0	1,780,000	OK
	2022/0093	HARBOUR LINE	001234567912	Abul Khair Steel	Sitakunda, Chattogram	RUSSIA	P-11093	14/07/2024	IM 4	72031000	IRON ORE PRODUCTS	SRO-045	15,200,000	760,000	0	0	2,280,000	760,000	0	0	3,800,000	0	0	3,800,000	OK
	2022/0094	PORT EXPRESS	001234567913	KSRM Steel	Baroiyarhat, Chattogram	UK	P-11094	14/07/2024	IM 4	72044900	STEEL SCRAP	SRO-045	6,780,000	339,000	0	0	1,017,000	339,000	0	0	1,695,000	0	0	1,695,000	OK
	2023/0501	SKY CNF	001234567914	Incepta Pharma	Savar, Dhaka	SWITZERLAND	A-70501	15/07/2024	IM 4	30049099	MEDICAMENTS	SRO-067	2,450,000	0	0	0	0	122,500	0	0	122,500	0	0	122,500	OK
	2023/0502	JET CARGO	001234567915	Grameenphone	Bashundhara R/A, Dhaka	SWEDEN	A-70502	15/07/2024	IM 4	85176200	TELECOM EQUIPMENT	SRO-155	18,300,000	183,000	0	0	2,745,000	915,000	0	0	3,843,000	0	0	3,843,000	OK
	2023/0503	WING LOGISTICS	001234567916	Renata Ltd	Mirpur, Dhaka	INDIA	A-70503	16/07/2024	IM 4	29411000	PENICILLINS	SRO-067	1,160,000	0	0	0	0	58,000	0	0	58,000	0	0	58,000	OK
	2023/0504	FALCON CNF	001234567917	Samsung Electronics BD	Gulshan, Dhaka	VIETNAM	A-70504	16/07/2024	IM 4	84713000	LAPTOP COMPUTERS	SRO-200	4,560,000	0	0	0	684,000	228,000	0	0	912,000	0	0	912,000	OK
	2023/0505	NORTH STAR AGENT	001234567918	Unilever BD	Kalurghat, Chattogram	INDONESIA	A-70505	17/07/2024	IM 4	34011100	TOILET SOAP	SRO-123	2,890,000	722,500	0	578,000	433,500	144,500	0	0	1,878,500	0	0	1,878,500	OK
	2023/0506	BLUE SKY CNF	001234567919	Aarong	Tejgaon, Dhaka	CHINA	A-70506	17/07/2024	IM 4	58041000	TULLES AND NET	SRO-098 Bonded	640,000	0	0	0	0	0	0	0	0	0	0	0	BOND
	2022/0091	PANGAON CNF	001234567910	Meghna Group	Meghnaghat, Narayanganj	BRAZIL	P-11091	13/07/2024	IM 4	12019000	SOYA BEANS	SRO-010	12,450,000	0	0	0	0	622,500	0	0	622,500	0	0	622,500	OK
	2022/0092	RIVERINE AGENT	001234567911	City Group	Rupganj, Narayanganj	ARGENTINA	P-11092	13/07/2024	IM 4	15071000	CRUDE SOYA OIL	SRO-112	8,900,000	0	0	0	1,335,000	445,000	0	0	1,780,000	0	0	1,780,000	OK
	2022/0093	HARBOUR LINE	001234567912	Abul Khair Steel	Sitakunda, Chattogram	RUSSIA	P-11093	14/07/2024	IM 4	72031000	IRON ORE PRODUCTS	SRO-045	15,200,000	760,000	0	0	2,280,000	760,000	0	0	3,800,000	0	0	3,800,000	OK
	2022/0094	PORT EXPRESS	001234567913	KSRM Steel	Baroiyarhat, Chattogram	UK	P-11094	14/07/2024	IM 4	72044900	STEEL SCRAP	SRO-045	6,780,000	339,000	0	0	1,017,000	339,000	0	0	1,695,000	0	0	1,695,000	OK
	2023/0501	SKY CNF	001234567914	Incepta Pharma	Savar, Dhaka	SWITZERLAND	A-70501	15/07/2024	IM 4	30049099	MEDICAMENTS	SRO-067	2,450,000	0	0	0	0	122,500	0	0	122,500	0	0	122,500	OK
	2023/0502	JET CARGO	001234567915	Grameenphone	Bashundhara R/A, Dhaka	SWEDEN	A-70502	15/07/2024	IM 4	85176200	TELECOM EQUIPMENT	SRO-155	18,300,000	183,000	0	0	2,745,000	915,000	0	0	3,843,000	0	0	3,843,000	OK
	2023/0503	WING LOGISTICS	001234567916	Renata Ltd	Mirpur, Dhaka	INDIA	A-70503	16/07/2024	IM 4	29411000	PENICILLINS	SRO-067	1,160,000	0	0	0	0	58,000	0	0	58,000	0	0	58,000	OK
	2023/0504	FALCON CNF	001234567917	Samsung Electronics BD	Gulshan, Dhaka	VIETNAM	A-70504	16/07/2024	IM 4	84713000	LAPTOP COMPUTERS	SRO-200	4,560,000	0	0	0	684,000	228,000	0	0	912,000	0	0	912,000	OK
	2023/0505	NORTH STAR AGENT	001234567918	Unilever BD	Kalurghat, Chattogram	INDONESIA	A-70505	17/07/2024	IM 4	34011100	TOILET SOAP	SRO-123	2,890,000	722,500	0	578,000	433,500	144,500	0	0	1,878,500	0	0	1,878,500	OK
	2023/0506	BLUE SKY CNF	001234567919	Aarong	Tejgaon, Dhaka	CHINA	A-70506	17/07/2024	IM 4	58041000	TULLES AND NET	SRO-098 Bonded	640,000	0	0	0	0	0	0	0	0	0	0	0	BOND
	2022/0091	PANGAON CNF	001234567910	Meghna Group	Meghnaghat, Narayanganj	BRAZIL	P-11091	13/07/2024	IM 4	12019000	SOYA BEANS	SRO-010	12,450,000	0	0	0	0	622,500	0	0	622,500	0	0	622,500	OK
	2022/0092	RIVERINE AGENT	001234567911	City Group	Rupganj, Narayanganj	ARGENTINA	P-11092	13/07/2024	IM 4	15071000	CRUDE SOYA OIL	SRO-112	8,900,000	0	0	0	1,335,000	445,000	0	0	1,780,000	0	0	1,780,000	OK
	2022/0093	HARBOUR LINE	001234567912	Abul Khair Steel	Sitakunda, Chattogram	RUSSIA	P-11093	14/07/2024	IM 4	72031000	IRON ORE PRODUCTS	SRO-045	15,200,000	760,000	0	0	2,280,000	760,000	0	0	3,800,000	0	0	3,800,000	OK
	2022/0094	PORT EXPRESS	001234567913	KSRM Steel	Baroiyarhat, Chattogram	UK	P-11094	14/07/2024	IM 4	72044900	STEEL SCRAP	SRO-045	6,780,000	339,000	0	0	1,017,000	339,000	0	0	1,695,000	0	0	1,695,000	OK
	2023/0501	SKY CNF	001234567914	Incepta Pharma	Savar, Dhaka	SWITZERLAND	A-70501	15/07/2024	IM 4	30049099	MEDICAMENTS	SRO-067	2,450,000	0	0	0	0	122,500	0	0	122,500	0	0	122,500	OK
	2023/0502	JET CARGO	001234567915	Grameenphone	Bashundhara R/A, Dhaka	SWEDEN	A-70502	15/07/2024	IM 4	85176200	TELECOM EQUIPMENT	SRO-155	18,300,000	183,000	0	0	2,745,000	915,000	0	0	3,843,000	0	0	3,843,000	OK
	2023/0503	WING LOGISTICS	001234567916	Renata Ltd	Mirpur, Dhaka	INDIA	A-70503	16/07/2024	IM 4	29411000	PENICILLINS	SRO-067	1,160,000	0	0	0	0	58,000	0	0	58,000	0	0	58,000	OK
	2023/0504	FALCON CNF	001234567917	Samsung Electronics BD	Gulshan, Dhaka	VIETNAM	A-70504	16/07/2024	IM 4	84713000	LAPTOP COMPUTERS	SRO-200	4,560,000	0	0	0	684,000	228,000	0	0	912,000	0	0	912,000	OK
	2023/0505	NORTH STAR AGENT	001234567918	Unilever BD	Kalurghat, Chattogram	INDONESIA	A-70505	17/07/2024	IM 4	34011100	TOILET SOAP	SRO-123	2,890,000	722,500	0	578,000	433,500	144,500	0	0	1,878,500	0	0	1,878,500	OK
	2023/0506	BLUE SKY CNF	001234567919	Aarong	Tejgaon, Dhaka	CHINA	A-70506	17/07/2024	IM 4	58041000	TULLES AND NET	SRO-098 Bonded	640,000	0	0	0	0	0	0	0	0	0	0	0	BOND
	2022/0091	PANGAON CNF	001234567910	Meghna Group	Meghnaghat, Narayanganj	BRAZIL	P-11091	13/07/2024	IM 4	12019000	SOYA BEANS	SRO-010	12,450,000	0	0	0	0	622,500	0	0	622,500	0	0	622,500	OK
	2022/0092	RIVERINE AGENT	001234567911	City Group	Rupganj, Narayanganj	ARGENTINA	P-11092	13/07/2024	IM 4	15071000	CRUDE SOYA OIL	SRO-112	8,900,000	0	0	0	1,335,000	445,000	0	0	1,780,000	0	0	1,780,000	OK
	2022/0093	HARBOUR LINE	001234567912	Abul Khair Steel	Sitakunda, Chattogram	RUSSIA	P-11093	14/07/2024	IM 4	72031000	IRON ORE PRODUCTS	SRO-045	15,200,000	760,000	0	0	2,280,000	760,000	0	0	3,800,000	0	0	3,800,000	OK
	2022/0094	PORT EXPRESS	001234567913	KSRM Steel	Baroiyarhat, Chattogram	UK	P-11094	14/07/2024	IM 4	72044900	STEEL SCRAP	SRO-045	6,780,000	339,000	0	0	1,017,000	339,000	0	0	1,695,000	0	0	1,695,000	OK
	2023/0501	SKY CNF	001234567914	Incepta Pharma	Savar, Dhaka	SWITZERLAND	A-70501	15/07/2024	IM 4	30049099	MEDICAMENTS	SRO-067	2,450,000	0	0	0	0	122,500	0	0	122,500	0	0	122,500	OK
	2023/0502	JET CARGO	001234567915	Grameenphone	Bashundhara R/A, Dhaka	SWEDEN	A-70502	15/07/2024	IM 4	85176200	TELECOM EQUIPMENT	SRO-155	18,300,000	183,000	0	0	2,745,000	915,000	0	0	3,843,000	0	0	3,843,000	OK
	2023/0503	WING LOGISTICS	001234567916	Renata Ltd	Mirpur, Dhaka	INDIA	A-70503	16/07/2024	IM 4	29411000	PENICILLINS	SRO-067	1,160,000	0	0	0	0	58,000	0	0	58,000	0	0	58,000	OK
	2023/0504	FALCON CNF	001234567917	Samsung Electronics BD	Gulshan, Dhaka	VIETNAM	A-70504	16/07/2024	IM 4	84713000	LAPTOP COMPUTERS	SRO-200	4,560,000	0	0	0	684,000	228,000	0	0	912,000	0	0	912,000	OK
	2023/0505	NORTH STAR AGENT	001234567918	Unilever BD	Kalurghat, Chattogram	INDONESIA	A-70505	17/07/2024	IM 4	34011100	TOILET SOAP	SRO-123	2,890,000	722,500	0	578,000	433,500	144,500	0	0	1,878,500	0	0	1,878,500	OK
	2023/0506	BLUE SKY CNF	001234567919	Aarong	Tejgaon, Dhaka	CHINA	A-70506	17/07/2024	IM 4	58041000	TULLES AND NET	SRO-098 Bonded	640,000	0	0	0	0	0	0	0	0	0	0	0	BOND
	2022/0091	PANGAON CNF	001234567910	Meghna Group	Meghnaghat, Narayanganj	BRAZIL	P-11091	13/07/2024	IM 4	12019000	SOYA BEANS	SRO-010	12,450,000	0	0	0	0	622,500	0	0	622,500	0	0	622,500	OK
	2022/0092	RIVERINE AGENT	001234567911	City Group	Rupganj, Narayanganj	ARGENTINA	P-11092	13/07/2024	IM 4	15071000	CRUDE SOYA OIL	SRO-112	8,900,000	0	0	0	1,335,000	445,000	0	0	1,780,000	0	0	1,780,000	OK
	2022/0093	HARBOUR LINE	001234567912	Abul Khair Steel	Sitakunda, Chattogram	RUSSIA	P-11093	14/07/2024	IM 4	72031000	IRON ORE PRODUCTS	SRO-045	15,200,000	760,000	0	0	2,280,000	760,000	0	0	3,800,000	0	0	3,800,000	OK
	2022/0094	PORT EXPRESS	001234567913	KSRM Steel	Baroiyarhat, Chattogram	UK	P-11094	14/07/2024	IM 4	72044900	STEEL SCRAP	SRO-045	6,780,000	339,000	0	0	1,017,000	339,000	0	0	1,695,000	0	0	1,695,000	OK
	2023/0501	SKY CNF	001234567914	Incepta Pharma	Savar, Dhaka	SWITZERLAND	A-70501	15/07/2024	IM 4	30049099	MEDICAMENTS	SRO-067	2,450,000	0	0	0	0	122,500	0	0	122,500	0	0	122,500	OK
	2023/0502	JET CARGO	001234567915	Grameenphone	Bashundhara R/A, Dhaka	SWEDEN	A-70502	15/07/2024	IM 4	85176200	TELECOM EQUIPMENT	SRO-155	18,300,000	183,000	0	0	2,745,000	915,000	0	0	3,843,000	0	0	3,843,000	OK
	2023/0503	WING LOGISTICS	001234567916	Renata Ltd	Mirpur, Dhaka	INDIA	A-70503	16/07/2024	IM 4	29411000	PENICILLINS	SRO-067	1,160,000	0	0	0	0	58,000	0	0	58,000	0	0	58,000	OK
	2023/0504	FALCON CNF	001234567917	Samsung Electronics BD	Gulshan, Dhaka	VIETNAM	A-70504	16/07/2024	IM 4	84713000	LAPTOP COMPUTERS	SRO-200	4,560,000	0	0	0	684,000	228,000	0	0	912,000	0	0	912,000	OK
	2023/0505	NORTH STAR AGENT	001234567918	Unilever BD	Kalurghat, Chattogram	INDONESIA	A-70505	17/07/2024	IM 4	34011100	TOILET SOAP	SRO-123	2,890,000	722,500	0	578,000	433,500	144,500	0	0	1,878,500	0	0	1,878,500	OK
	2023/0506	BLUE SKY CNF	001234567919	Aarong	Tejgaon, Dhaka	CHINA	A-70506	17/07/2024	IM 4	58041000	TULLES AND NET	SRO-098 Bonded	640,000	0	0	0	0	0	0	0	0	0	0	0	BOND
	2022/0091	PANGAON CNF	001234567910	Meghna Group	Meghnaghat, Narayanganj	BRAZIL	P-11091	13/07/2024	IM 4	12019000	SOYA BEANS	SRO-010	12,450,000	0	0	0	0	622,500	0	0	622,500	0	0	622,500	OK
	2022/0092	RIVERINE AGENT	001234567911	City Group	Rupganj, Narayanganj	ARGENTINA	P-11092	13/07/2024	IM 4	15071000	CRUDE SOYA OIL	SRO-112	8,900,000	0	0	0	1,335,000	445,000	0	0	1,780,000	0	0	1,780,000	OK
	2022/0093	HARBOUR LINE	001234567912	Abul Khair Steel	Sitakunda, Chattogram	RUSSIA	P-11093	14/07/2024	IM 4	72031000	IRON ORE PRODUCTS	SRO-045	15,200,000	760,000	0	0	2,280,000	760,000	0	0	3,800,000	0	0	3,800,000	OK
	2022/0094	PORT EXPRESS	001234567913	KSRM Steel	Baroiyarhat, Chattogram	UK	P-11094	14/07/2024	IM 4	72044900	STEEL SCRAP	SRO-045	6,780,000	339,000	0	0	1,017,000	339,000	0	0	1,695,000	0	0	1,695,000	OK
	2023/0501	SKY CNF	001234567914	Incepta Pharma	Savar, Dhaka	SWITZERLAND	A-70501	15/07/2024	IM 4	30049099	MEDICAMENTS	SRO-067	2,450,000	0	0	0	0	122,500	0	0	122,500	0	0	122,500	OK
	2023/0502	JET CARGO	001234567915	Grameenphone	Bashundhara R/A, Dhaka	SWEDEN	A-70502	15/07/2024	IM 4	85176200	TELECOM EQUIPMENT	SRO-155	18,300,000	183,000	0	0	2,745,000	915,000	0	0	3,843,000	0	0	3,843,000	OK
	2023/0503	WING LOGISTICS	001234567916	Renata Ltd	Mirpur, Dhaka	INDIA	A-70503	16/07/2024	IM 4	29411000	PENICILLINS	SRO-067	1,160,000	0	0	0	0	58,000	0	0	58,000	0	0	58,000	OK
	2023/0504	FALCON CNF	001234567917	Samsung Electronics BD	Gulshan, Dhaka	VIETNAM	A-70504	16/07/2024	IM 4	84713000	LAPTOP COMPUTERS	SRO-200	4,560,000	0	0	0	684,000	228,000	0	0	912,000	0	0	912,000	OK
	2023/0505	NORTH STAR AGENT	001234567918	Unilever BD	Kalurghat, Chattogram	INDONESIA	A-70505	17/07/2024	IM 4	34011100	TOILET SOAP	SRO-123	2,890,000	722,500	0	578,000	433,500	144,500	0	0	1,878,500	0	0	1,878,500	OK
	2023/0506	BLUE SKY CNF	001234567919	Aarong	Tejgaon, Dhaka	CHINA	A-70506	17/07/2024	IM 4	58041000	TULLES AND NET	SRO-098 Bonded	640,000	0	0	0	0	0	0	0	0	0	0	0	BOND
	2022/0091	PANGAON CNF	001234567910	Meghna Group	Meghnaghat, Narayanganj	BRAZIL	P-11091	13/07/2024	IM 4	12019000	SOYA BEANS	SRO-010	12,450,000	0	0	0	0	622,500	0	0	622,500	0	0	622,500	OK
	2022/0092	RIVERINE AGENT	001234567911	City Group	Rupganj, Narayanganj	ARGENTINA	P-11092	13/07/2024	IM 4	15071000	CRUDE SOYA OIL	SRO-112	8,900,000	0	0	0	1,335,000	445,000	0	0	1,780,000	0	0	1,780,000	OK
	2022/0093	HARBOUR LINE	001234567912	Abul Khair Steel	Sitakunda, Chattogram	RUSSIA	P-11093	14/07/2024	IM 4	72031000	IRON ORE PRODUCTS	SRO-045	15,200,000	760,000	0	0	2,280,000	760,000	0	0	3,800,000	0	0	3,800,000	OK
	2022/0094	PORT EXPRESS	001234567913	KSRM Steel	Baroiyarhat, Chattogram	UK	P-11094	14/07/2024	IM 4	72044900	STEEL SCRAP	SRO-045	6,780,000	339,000	0	0	1,017,000	339,000	0	0	1,695,000	0	0	1,695,000	OK
	2023/0501	SKY CNF	001234567914	Incepta Pharma	Savar, Dhaka	SWITZERLAND	A-70501	15/07/2024	IM 4	30049099	MEDICAMENTS	SRO-067	2,450,000	0	0	0	0	122,500	0	0	122,500	0	0	122,500	OK
	2023/0502	JET CARGO	001234567915	Grameenphone	Bashundhara R/A, Dhaka	SWEDEN	A-70502	15/07/2024	IM 4	85176200	TELECOM EQUIPMENT	SRO-155	18,300,000	183,000	0	0	2,745,000	915,000	0	0	3,843,000	0	0	3,843,000	OK
	2023/0503	WING LOGISTICS	001234567916	Renata Ltd	Mirpur, Dhaka	INDIA	A-70503	16/07/2024	IM 4	29411000	PENICILLINS	SRO-067	1,160,000	0	0	0	0	58,000	0	0	58,000	0	0	58,000	OK
	2023/0504	FALCON CNF	001234567917	Samsung Electronics BD	Gulshan, Dhaka	VIETNAM	A-70504	16/07/2024	IM 4	84713000	LAPTOP COMPUTERS	SRO-200	4,560,000	0	0	0	684,000	228,000	0	0	912,000	0	0	912,000	OK
	2023/0505	NORTH STAR AGENT	001234567918	Unilever BD	Kalurghat, Chattogram	INDONESIA	A-70505	17/07/2024	IM 4	34011100	TOILET SOAP	SRO-123	2,890,000	722,500	0	578,000	433,500	144,500	0	0	1,878,500	0	0	1,878,500	OK
	2023/0506	BLUE SKY CNF	001234567919	Aarong	Tejgaon, Dhaka	CHINA	A-70506	17/07/2024	IM 4	58041000	TULLES AND NET	SRO-098 Bonded	640,000	0	0	0	0	0	0	0	0	0	0	0	BOND
	2022/0091	PANGAON CNF	001234567910	Meghna Group	Meghnaghat, Narayanganj	BRAZIL	P-11091	13/07/2024	IM 4	12019000	SOYA BEANS	SRO-010	12,450,000	0	0	0	0	622,500	0	0	622,500	0	0	622,500	OK
	2022/0092	RIVERINE AGENT	001234567911	City Group	Rupganj, Narayanganj	ARGENTINA	P-11092	13/07/2024	IM 4	15071000	CRUDE SOYA OIL	SRO-112	8,900,000	0	0	0	1,335,000	445,000	0	0	1,780,000	0	0	1,780,000	OK
	2022/0093	HARBOUR LINE	001234567912	Abul Khair Steel	Sitakunda, Chattogram	RUSSIA	P-11093	14/07/2024	IM 4	72031000	IRON ORE PRODUCTS	SRO-045	15,200,000	760,000	0	0	2,280,000	760,000	0	0	3,800,000	0	0	3,800,000	OK
	2022/0094	PORT EXPRESS	001234567913	KSRM Steel	Baroiyarhat, Chattogram	UK	P-11094	14/07/2024	IM 4	72044900	STEEL SCRAP	SRO-045	6,780,000	339,000	0	0	1,017,000	339,000	0	0	1,695,000	0	0	1,695,000	OK
	2023/0501	SKY CNF	001234567914	Incepta Pharma	Savar, Dhaka	SWITZERLAND	A-70501	15/07/2024	IM 4	30049099	MEDICAMENTS	SRO-067	2,450,000	0	0	0	0	122,500	0	0	122,500	0	0	122,500	OK
	2023/0502	JET CARGO	001234567915	Grameenphone	Bashundhara R/A, Dhaka	SWEDEN	A-70502	15/07/2024	IM 4	85176200	TELECOM EQUIPMENT	SRO-155	18,300,000	183,000	0	0	2,745,000	915,000	0	0	3,843,000	0	0	3,843,000	OK
	2023/0503	WING LOGISTICS	001234567916	Renata Ltd	Mirpur, Dhaka	INDIA	A-70503	16/07/2024	IM 4	29411000	PENICILLINS	SRO-067	1,160,000	0	0	0	0	58,000	0	0	58,000	0	0	58,000	OK
	2023/0504	FALCON CNF	001234567917	Samsung Electronics BD	Gulshan, Dhaka	VIETNAM	A-70504	16/07/2024	IM 4	84713000	LAPTOP COMPUTERS	SRO-200	4,560,000	0	0	0	684,000	228,000	0	0	912,000	0	0	912,000	OK
	2023/0505	NORTH STAR AGENT	001234567918	Unilever BD	Kalurghat, Chattogram	INDONESIA	A-70505	17/07/2024	IM 4	34011100	TOILET SOAP	SRO-123	2,890,000	722,500	0	578,000	433,500	144,500	0	0	1,878,500	0	0	1,878,500	OK
	2023/0506	BLUE SKY CNF	001234567919	Aarong	Tejgaon, Dhaka	CHINA	A-70506	17/07/2024	IM 4	58041000	TULLES AND NET	SRO-098 Bonded	640,000	0	0	0	0	0	0	0	0	0	0	0	BOND
	2022/0091	PANGAON CNF	001234567910	Meghna Group	Meghnaghat, Narayanganj	BRAZIL	P-11091	13/07/2024	IM 4	12019000	SOYA BEANS	SRO-010	12,450,000	0	0	0	0	622,500	0	0	622,500	0	0	622,500	OK
	2022/0092	RIVERINE AGENT	001234567911	City Group	Rupganj, Narayanganj	ARGENTINA	P-11092	13/07/2024	IM 4	15071000	CRUDE SOYA OIL	SRO-112	8,900,000	0	0	0	1,335,000	445,000	0	0	1,780,000	0	0	1,780,000	OK
	2022/0093	HARBOUR LINE	001234567912	Abul Khair Steel	Sitakunda, Chattogram	RUSSIA	P-11093	14/07/2024	IM 4	72031000	IRON ORE PRODUCTS	SRO-045	15,200,000	760,000	0	0	2,280,000	760,000	0	0	3,800,000	0	0	3,800,000	OK
	2022/0094	PORT EXPRESS	001234567913	KSRM Steel	Baroiyarhat, Chattogram	UK	P-11094	14/07/2024	IM 4	72044900	STEEL SCRAP	SRO-045	6,780,000	339,000	0	0	1,017,000	339,000	0	0	1,695,000	0	0	1,695,000	OK
	2023/0501	SKY CNF	001234567914	Incepta Pharma	Savar, Dhaka	SWITZERLAND	A-70501	15/07/2024	IM 4	30049099	MEDICAMENTS	SRO-067	2,450,000	0	0	0	0	122,500	0	0	122,500	0	0	122,500	OK
	2023/0502	JET CARGO	001234567915	Grameenphone	Bashundhara R/A, Dhaka	SWEDEN	A-70502	15/07/2024	IM 4	85176200	TELECOM EQUIPMENT	SRO-155	18,300,000	183,000	0	0	2,745,000	915,000	0	0	3,843,000	0	0	3,843,000	OK
	2023/0503	WING LOGISTICS	001234567916	Renata Ltd	Mirpur, Dhaka	INDIA	A-70503	16/07/2024	IM 4	29411000	PENICILLINS	SRO-067	1,160,000	0	0	0	0	58,000	0	0	58,000	0	0	58,000	OK
	2023/0504	FALCON CNF	001234567917	Samsung Electronics BD	Gulshan, Dhaka	VIETNAM	A-70504	16/07/2024	IM 4	84713000	LAPTOP COMPUTERS	SRO-200	4,560,000	0	0	0	684,000	228,000	0	0	912,000	0	0	912,000	OK
	2023/0505	NORTH STAR AGENT	001234567918	Unilever BD	Kalurghat, Chattogram	INDONESIA	A-70505	17/07/2024	IM 4	34011100	TOILET SOAP	SRO-123	2,890,000	722,500	0	578,000	433,500	144,500	0	0	1,878,500	0	0	1,878,500	OK
	2023/0506	BLUE SKY CNF	001234567919	Aarong	Tejgaon, Dhaka	CHINA	A-70506	17/07/2024	IM 4	58041000	TULLES AND NET	SRO-098 Bonded	640,000	0	0	0	0	0	0	0	0	0	0	0	BOND
	2022/0091	PANGAON CNF	001234567910	Meghna Group	Meghnaghat, Narayanganj	BRAZIL	P-11091	13/07/2024	IM 4	12019000	SOYA BEANS	SRO-010	12,450,000	0	0	0	0	622,500	0	0	622,500	0	0	622,500	OK
	2022/0092	RIVERINE AGENT	001234567911	City Group	Rupganj, Narayanganj	ARGENTINA	P-11092	13/07/2024	IM 4	15071000	CRUDE SOYA OIL	SRO-112	8,900,000	0	0	0	1,335,000	445,000	0	0	1,780,000	0	0	1,780,000	OK
	2022/0093	HARBOUR LINE	001234567912	Abul Khair Steel	Sitakunda, Chattogram	RUSSIA	P-11093	14/07/2024	IM 4	72031000	IRON ORE PRODUCTS	SRO-045	15,200,000	760,000	0	0	2,280,000	760,000	0	0	3,800,000	0	0	3,800,000	OK
	2022/0094	PORT EXPRESS	001234567913	KSRM Steel	Baroiyarhat, Chattogram	UK	P-11094	14/07/2024	IM 4	72044900	STEEL SCRAP	SRO-045	6,780,000	339,000	0	0	1,017,000	339,000	0	0	1,695,000	0	0	1,695,000	OK
	2023/0501	SKY CNF	001234567914	Incepta Pharma	Savar, Dhaka	SWITZERLAND	A-70501	15/07/2024	IM 4	30049099	MEDICAMENTS	SRO-067	2,450,000	0	0	0	0	122,500	0	0	122,500	0	0	122,500	OK
	2023/0502	JET CARGO	001234567915	Grameenphone	Bashundhara R/A, Dhaka	SWEDEN	A-70502	15/07/2024	IM 4	85176200	TELECOM EQUIPMENT	SRO-155	18,300,000	183,000	0	0	2,745,000	915,000	0	0	3,843,000	0	0	3,843,000	OK
	2023/0503	WING LOGISTICS	001234567916	Renata Ltd	Mirpur, Dhaka	INDIA	A-70503	16/07/2024	IM 4	29411000	PENICILLINS	SRO-067	1,160,000	0	0	0	0	58,000	0	0	58,000	0	0	58,000	OK
	2023/0504	FALCON CNF	001234567917	Samsung Electronics BD	Gulshan, Dhaka	VIETNAM	A-70504	16/07/2024	IM 4	84713000	LAPTOP COMPUTERS	SRO-200	4,560,000	0	0	0	684,000	228,000	0	0	912,000	0	0	912,000	OK
	2023/0505	NORTH STAR AGENT	001234567918	Unilever BD	Kalurghat, Chattogram	INDONESIA	A-70505	17/07/2024	IM 4	34011100	TOILET SOAP	SRO-123	2,890,000	722,500	0	578,000	433,500	144,500	0	0	1,878,500	0	0	1,878,500	OK
	2023/0506	BLUE SKY CNF	001234567919	Aarong	Tejgaon, Dhaka	CHINA	A-70506	17/07/2024	IM 4	58041000	TULLES AND NET	SRO-098 Bonded	640,000	0	0	0	0	0	0	0	0	0	0	0	BOND
	2022/0091	PANGAON CNF	001234567910	Meghna Group	Meghnaghat, Narayanganj	BRAZIL	P-11091	13/07/2024	IM 4	12019000	SOYA BEANS	SRO-010	12,450,000	0	0	0	0	622,500	0	0	622,500	0	0	622,500	OK
	2022/0092	RIVERINE AGENT	001234567911	City Group	Rupganj, Narayanganj	ARGENTINA	P-11092	13/07/2024	IM 4	15071000	CRUDE SOYA OIL	SRO-112	8,900,000	0	0	0	1,335,000	445,000	0	0	1,780,000	0	0	1,780,000	OK
	2022/0093	HARBOUR LINE	001234567912	Abul Khair Steel	Sitakunda, Chattogram	RUSSIA	P-11093	14/07/2024	IM 4	72031000	IRON ORE PRODUCTS	SRO-045	15,200,000	760,000	0	0	2,280,000	760,000	0	0	3,800,000	0	0	3,800,000	OK
	2022/0094	PORT EXPRESS	001234567913	KSRM Steel	Baroiyarhat, Chattogram	UK	P-11094	14/07/2024	IM 4	72044900	STEEL SCRAP	SRO-045	6,780,000	339,000	0	0	1,017,000	339,000	0	0	1,695,000	0	0	1,695,000	OK
	2023/0501	SKY CNF	001234567914	Incepta Pharma	Savar, Dhaka	SWITZERLAND	A-70501	15/07/2024	IM 4	30049099	MEDICAMENTS	SRO-067	2,450,000	0	0	0	0	122,500	0	0	122,500	0	0	122,500	OK
	2023/0502	JET CARGO	001234567915	Grameenphone	Bashundhara R/A, Dhaka	SWEDEN	A-70502	15/07/2024	IM 4	85176200	TELECOM EQUIPMENT	SRO-155	18,300,000	183,000	0	0	2,745,000	915,000	0	0	3,843,000	0	0	3,843,000	OK
	2023/0503	WING LOGISTICS	001234567916	Renata Ltd	Mirpur, Dhaka	INDIA	A-70503	16/07/2024	IM 4	29411000	PENICILLINS	SRO-067	1,160,000	0	0	0	0	58,000	0	0	58,000	0	0	58,000	OK
	2023/0504	FALCON CNF	001234567917	Samsung Electronics BD	Gulshan, Dhaka	VIETNAM	A-70504	16/07/2024	IM 4	84713000	LAPTOP COMPUTERS	SRO-200	4,560,000	0	0	0	684,000	228,000	0	0	912,000	0	0	912,000	OK
	2023/0505	NORTH STAR AGENT	001234567918	Unilever BD	Kalurghat, Chattogram	INDONESIA	A-70505	17/07/2024	IM 4	34011100	TOILET SOAP	SRO-123	2,890,000	722,500	0	578,000	433,500	144,500	0	0	1,878,500	0	0	1,878,500	OK
	2023/0506	BLUE SKY CNF	001234567919	Aarong	Tejgaon, Dhaka	CHINA	A-70506	17/07/2024	IM 4	58041000	TULLES AND NET	SRO-098 Bonded	640,000	0	0	0	0	0	0	0	0	0	0	0	BOND
